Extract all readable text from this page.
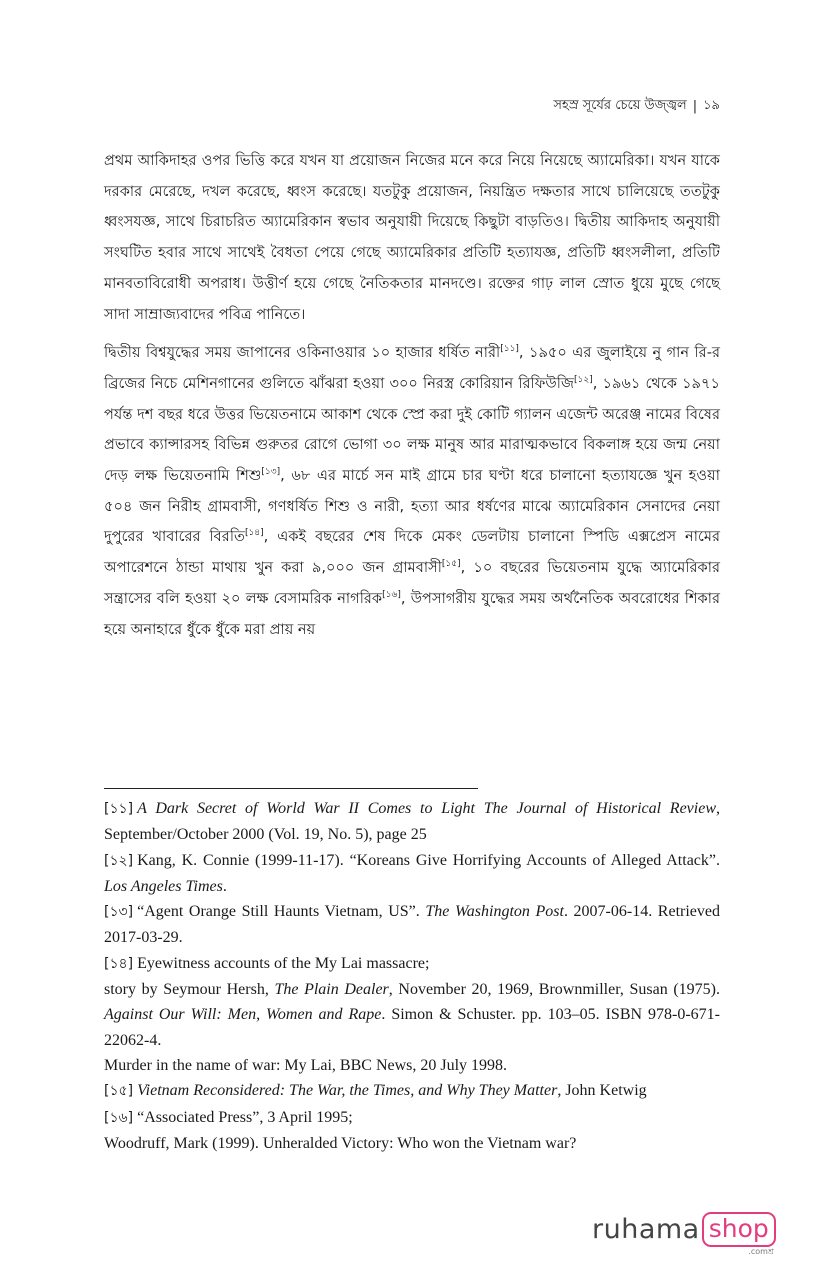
সহস্র সূর্যের চেয়ে উজ্জ্বল | ১৯

প্রথম আকিদাহর ওপর ভিত্তি করে যখন যা প্রয়োজন নিজের মনে করে নিয়ে নিয়েছে অ্যামেরিকা। যখন যাকে দরকার মেরেছে, দখল করেছে, ধ্বংস করেছে। যতটুকু প্রয়োজন, নিয়ন্ত্রিত দক্ষতার সাথে চালিয়েছে ততটুকু ধ্বংসযজ্ঞ, সাথে চিরাচরিত অ্যামেরিকান স্বভাব অনুযায়ী দিয়েছে কিছুটা বাড়তিও। দ্বিতীয় আকিদাহ অনুযায়ী সংঘটিত হবার সাথে সাথেই বৈধতা পেয়ে গেছে অ্যামেরিকার প্রতিটি হত্যাযজ্ঞ, প্রতিটি ধ্বংসলীলা, প্রতিটি মানবতাবিরোধী অপরাধ। উত্তীর্ণ হয়ে গেছে নৈতিকতার মানদণ্ডে। রক্তের গাঢ় লাল স্রোত ধুয়ে মুছে গেছে সাদা সাম্রাজ্যবাদের পবিত্র পানিতে।

দ্বিতীয় বিশ্বযুদ্ধের সময় জাপানের ওকিনাওয়ার ১০ হাজার ধর্ষিত নারী[১১], ১৯৫০ এর জুলাইয়ে নু গান রি-র ব্রিজের নিচে মেশিনগানের গুলিতে ঝাঁঝরা হওয়া ৩০০ নিরস্ত্র কোরিয়ান রিফিউজি[১২], ১৯৬১ থেকে ১৯৭১ পর্যন্ত দশ বছর ধরে উত্তর ভিয়েতনামে আকাশ থেকে স্প্রে করা দুই কোটি গ্যালন এজেন্ট অরেঞ্জ নামের বিষের প্রভাবে ক্যান্সারসহ বিভিন্ন গুরুতর রোগে ভোগা ৩০ লক্ষ মানুষ আর মারাত্মকভাবে বিকলাঙ্গ হয়ে জন্ম নেয়া দেড় লক্ষ ভিয়েতনামি শিশু[১৩], ৬৮ এর মার্চে সন মাই গ্রামে চার ঘণ্টা ধরে চালানো হত্যাযজ্ঞে খুন হওয়া ৫০৪ জন নিরীহ গ্রামবাসী, গণধর্ষিত শিশু ও নারী, হত্যা আর ধর্ষণের মাঝে অ্যামেরিকান সেনাদের নেয়া দুপুরের খাবারের বিরতি[১৪], একই বছরের শেষ দিকে মেকং ডেলটায় চালানো স্পিডি এক্সপ্রেস নামের অপারেশনে ঠান্ডা মাথায় খুন করা ৯,০০০ জন গ্রামবাসী[১৫], ১০ বছরের ভিয়েতনাম যুদ্ধে অ্যামেরিকার সন্ত্রাসের বলি হওয়া ২০ লক্ষ বেসামরিক নাগরিক[১৬], উপসাগরীয় যুদ্ধের সময় অর্থনৈতিক অবরোধের শিকার হয়ে অনাহারে ধুঁকে ধুঁকে মরা প্রায় নয়

[১১] A Dark Secret of World War II Comes to Light The Journal of Historical Review, September/October 2000 (Vol. 19, No. 5), page 25

[১২] Kang, K. Connie (1999-11-17). “Koreans Give Horrifying Accounts of Alleged Attack”. Los Angeles Times.

[১৩] “Agent Orange Still Haunts Vietnam, US”. The Washington Post. 2007-06-14. Retrieved 2017-03-29.

[১৪] Eyewitness accounts of the My Lai massacre;

story by Seymour Hersh, The Plain Dealer, November 20, 1969, Brownmiller, Susan (1975). Against Our Will: Men, Women and Rape. Simon & Schuster. pp. 103–05. ISBN 978-0-671-22062-4.

Murder in the name of war: My Lai, BBC News, 20 July 1998.

[১৫] Vietnam Reconsidered: The War, the Times, and Why They Matter, John Ketwig

[১৬] “Associated Press”, 3 April 1995;

Woodruff, Mark (1999). Unheralded Victory: Who won the Vietnam war?

ruhama shop
.comশ্র
